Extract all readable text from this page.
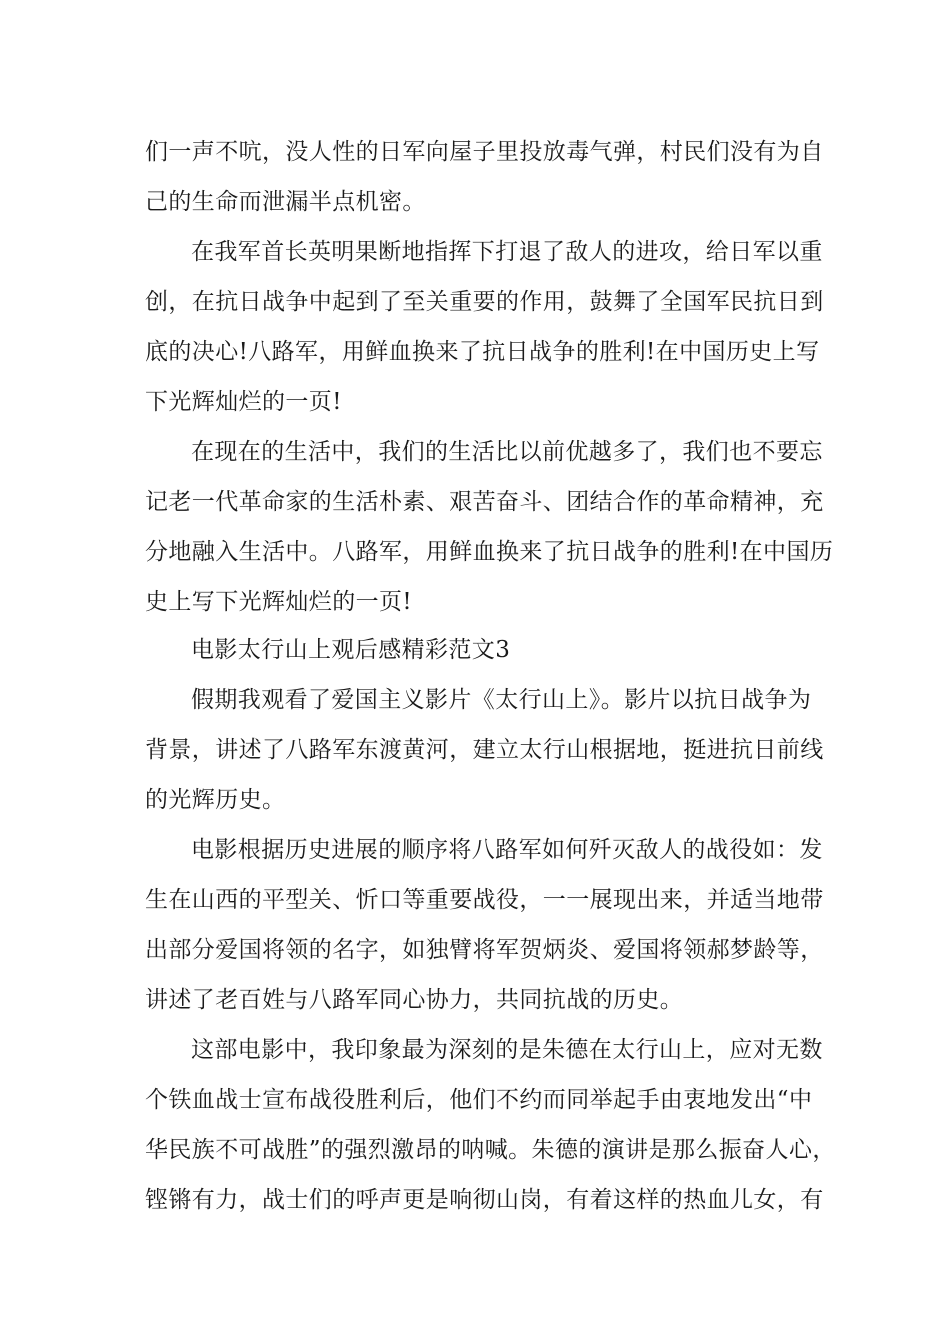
们一声不吭，没人性的日军向屋子里投放毒气弹，村民们没有为自

己的生命而泄漏半点机密。

在我军首长英明果断地指挥下打退了敌人的进攻，给日军以重

创，在抗日战争中起到了至关重要的作用，鼓舞了全国军民抗日到

底的决心!八路军，用鲜血换来了抗日战争的胜利!在中国历史上写

下光辉灿烂的一页!

在现在的生活中，我们的生活比以前优越多了，我们也不要忘

记老一代革命家的生活朴素、艰苦奋斗、团结合作的革命精神，充

分地融入生活中。八路军，用鲜血换来了抗日战争的胜利!在中国历

史上写下光辉灿烂的一页!

电影太行山上观后感精彩范文3

假期我观看了爱国主义影片《太行山上》。影片以抗日战争为

背景，讲述了八路军东渡黄河，建立太行山根据地，挺进抗日前线

的光辉历史。

电影根据历史进展的顺序将八路军如何歼灭敌人的战役如：发

生在山西的平型关、忻口等重要战役，一一展现出来，并适当地带

出部分爱国将领的名字，如独臂将军贺炳炎、爱国将领郝梦龄等，

讲述了老百姓与八路军同心协力，共同抗战的历史。

这部电影中，我印象最为深刻的是朱德在太行山上，应对无数

个铁血战士宣布战役胜利后，他们不约而同举起手由衷地发出“中

华民族不可战胜”的强烈激昂的呐喊。朱德的演讲是那么振奋人心，

铿锵有力，战士们的呼声更是响彻山岗，有着这样的热血儿女，有
